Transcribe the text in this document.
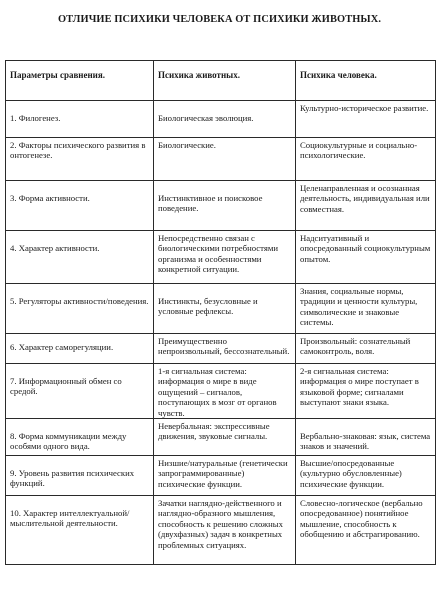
ОТЛИЧИЕ ПСИХИКИ ЧЕЛОВЕКА ОТ ПСИХИКИ ЖИВОТНЫХ.
Параметры сравнения.	Психика животных.	Психика человека.
1. Филогенез.	Биологическая эволюция.	Культурно-историческое развитие.
2. Факторы психического развития в онтогенезе.	Биологические.	Социокультурные и социально-психологические.
3. Форма активности.	Инстинктивное и поисковое поведение.	Целенаправленная и осознанная деятельность, индивидуальная или совместная.
4. Характер активности.	Непосредственно связан с биологическими потребностями организма и особенностями конкретной ситуации.	Надситуативный и опосредованный социокультурным опытом.
5. Регуляторы активности/поведения.	Инстинкты, безусловные и условные рефлексы.	Знания, социальные нормы, традиции и ценности культуры, символические и знаковые системы.
6. Характер саморегуляции.	Преимущественно непроизвольный, бессознательный.	Произвольный: сознательный самоконтроль, воля.
7. Информационный обмен со средой.	1-я сигнальная система: информация о мире в виде ощущений – сигналов, поступающих в мозг от органов чувств.	2-я сигнальная система: информация о мире поступает в языковой форме; сигналами выступают знаки языка.
8. Форма коммуникации между особями одного вида.	Невербальная: экспрессивные движения, звуковые сигналы.	Вербально-знаковая: язык, система знаков и значений.
9. Уровень развития психических функций.	Низшие/натуральные (генетически запрограммированные) психические функции.	Высшие/опосредованные (культурно обусловленные) психические функции.
10. Характер интеллектуальной/мыслительной деятельности.	Зачатки наглядно-действенного и наглядно-образного мышления, способность к решению сложных (двухфазных) задач в конкретных проблемных ситуациях.	Словесно-логическое (вербально опосредованное) понятийное мышление, способность к обобщению и абстрагированию.
